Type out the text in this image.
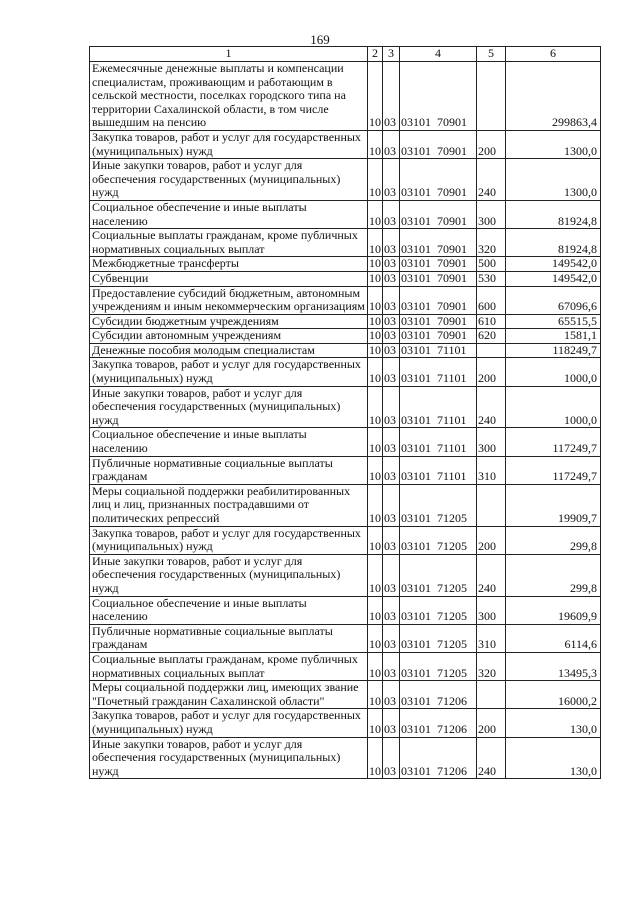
169
1	2	3	4	5	6
Ежемесячные денежные выплаты и компенсации специалистам, проживающим и работающим в сельской местности, поселках городского типа на территории Сахалинской области, в том числе вышедшим на пенсию	10	03	03101  70901		299863,4
Закупка товаров, работ и услуг для государственных (муниципальных) нужд	10	03	03101  70901	200	1300,0
Иные закупки товаров, работ и услуг для обеспечения государственных (муниципальных) нужд	10	03	03101  70901	240	1300,0
Социальное обеспечение и иные выплаты населению	10	03	03101  70901	300	81924,8
Социальные выплаты гражданам, кроме публичных нормативных социальных выплат	10	03	03101  70901	320	81924,8
Межбюджетные трансферты	10	03	03101  70901	500	149542,0
Субвенции	10	03	03101  70901	530	149542,0
Предоставление субсидий бюджетным, автономным учреждениям и иным некоммерческим организациям	10	03	03101  70901	600	67096,6
Субсидии бюджетным учреждениям	10	03	03101  70901	610	65515,5
Субсидии автономным учреждениям	10	03	03101  70901	620	1581,1
Денежные пособия молодым специалистам	10	03	03101  71101		118249,7
Закупка товаров, работ и услуг для государственных (муниципальных) нужд	10	03	03101  71101	200	1000,0
Иные закупки товаров, работ и услуг для обеспечения государственных (муниципальных) нужд	10	03	03101  71101	240	1000,0
Социальное обеспечение и иные выплаты населению	10	03	03101  71101	300	117249,7
Публичные нормативные социальные выплаты гражданам	10	03	03101  71101	310	117249,7
Меры социальной поддержки реабилитированных лиц и лиц, признанных пострадавшими от политических репрессий	10	03	03101  71205		19909,7
Закупка товаров, работ и услуг для государственных (муниципальных) нужд	10	03	03101  71205	200	299,8
Иные закупки товаров, работ и услуг для обеспечения государственных (муниципальных) нужд	10	03	03101  71205	240	299,8
Социальное обеспечение и иные выплаты населению	10	03	03101  71205	300	19609,9
Публичные нормативные социальные выплаты гражданам	10	03	03101  71205	310	6114,6
Социальные выплаты гражданам, кроме публичных нормативных социальных выплат	10	03	03101  71205	320	13495,3
Меры социальной поддержки лиц, имеющих звание "Почетный гражданин Сахалинской области"	10	03	03101  71206		16000,2
Закупка товаров, работ и услуг для государственных (муниципальных) нужд	10	03	03101  71206	200	130,0
Иные закупки товаров, работ и услуг для обеспечения государственных (муниципальных) нужд	10	03	03101  71206	240	130,0
